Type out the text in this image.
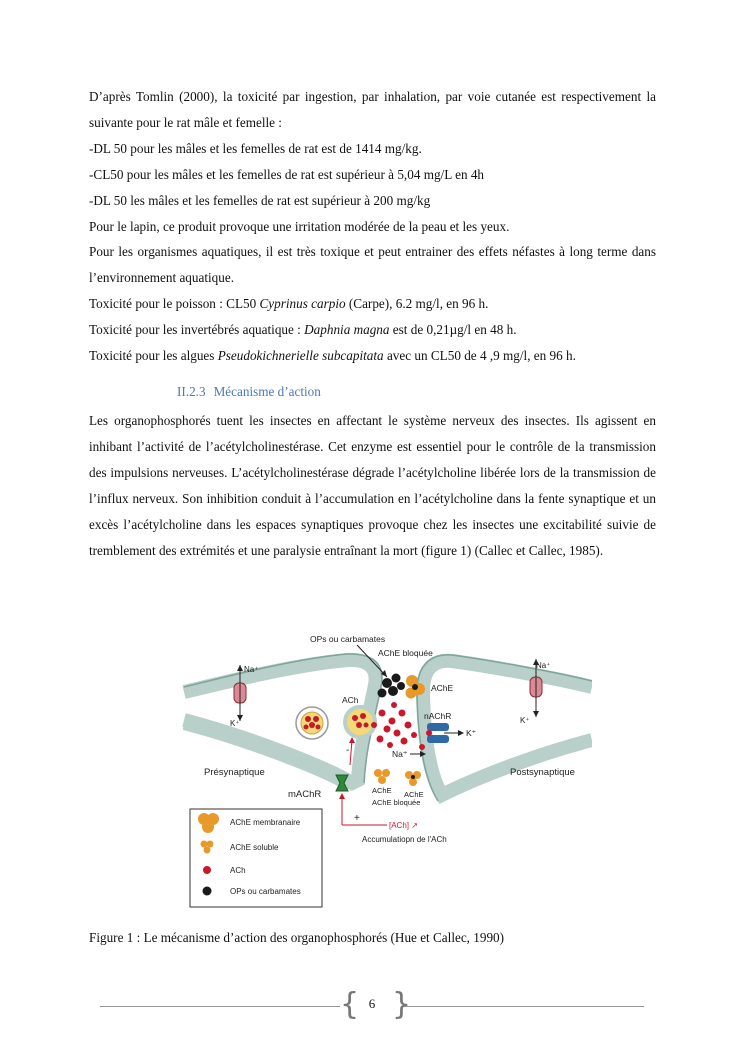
D’après Tomlin (2000), la toxicité par ingestion, par inhalation, par voie cutanée est respectivement la suivante pour le rat mâle et femelle :

-DL 50 pour les mâles et les femelles de rat est de 1414 mg/kg.

-CL50 pour les mâles et les femelles de rat est supérieur à 5,04 mg/L en 4h

-DL 50 les mâles et les femelles de rat est supérieur à 200 mg/kg

Pour le lapin, ce produit provoque une irritation modérée de la peau et les yeux.

Pour les organismes aquatiques, il est très toxique et peut entrainer des effets néfastes à long terme dans l’environnement aquatique.

Toxicité pour le poisson : CL50 Cyprinus carpio (Carpe), 6.2 mg/l, en 96 h.

Toxicité pour les invertébrés aquatique : Daphnia magna est de 0,21µg/l en 48 h.

Toxicité pour les algues Pseudokichnerielle subcapitata avec un CL50 de 4 ,9 mg/l, en 96 h.

II.2.3 Mécanisme d’action

Les organophosphorés tuent les insectes en affectant le système nerveux des insectes. Ils agissent en inhibant l’activité de l’acétylcholinestérase. Cet enzyme est essentiel pour le contrôle de la transmission des impulsions nerveuses. L’acétylcholinestérase dégrade l’acétylcholine libérée lors de la transmission de l’influx nerveux. Son inhibition conduit à l’accumulation en l’acétylcholine dans la fente synaptique et un excès l’acétylcholine dans les espaces synaptiques provoque chez les insectes une excitabilité suivie de tremblement des extrémités et une paralysie entraînant la mort (figure 1) (Callec et Callec, 1985).

OPs ou carbamates
AChE bloquée
AChE
Na⁺
K⁺
Na⁺
K⁺
ACh
nAChR
K⁺
Na⁺
AChE AChE
AChE bloquée
Présynaptique	Postsynaptique
mAChR
-
+
[ACh] ↗
Accumulatiopn de l'ACh
AChE membranaire
AChE soluble
ACh
OPs ou carbamates
Figure 1 : Le mécanisme d’action des organophosphorés (Hue et Callec, 1990)
{ }
6
